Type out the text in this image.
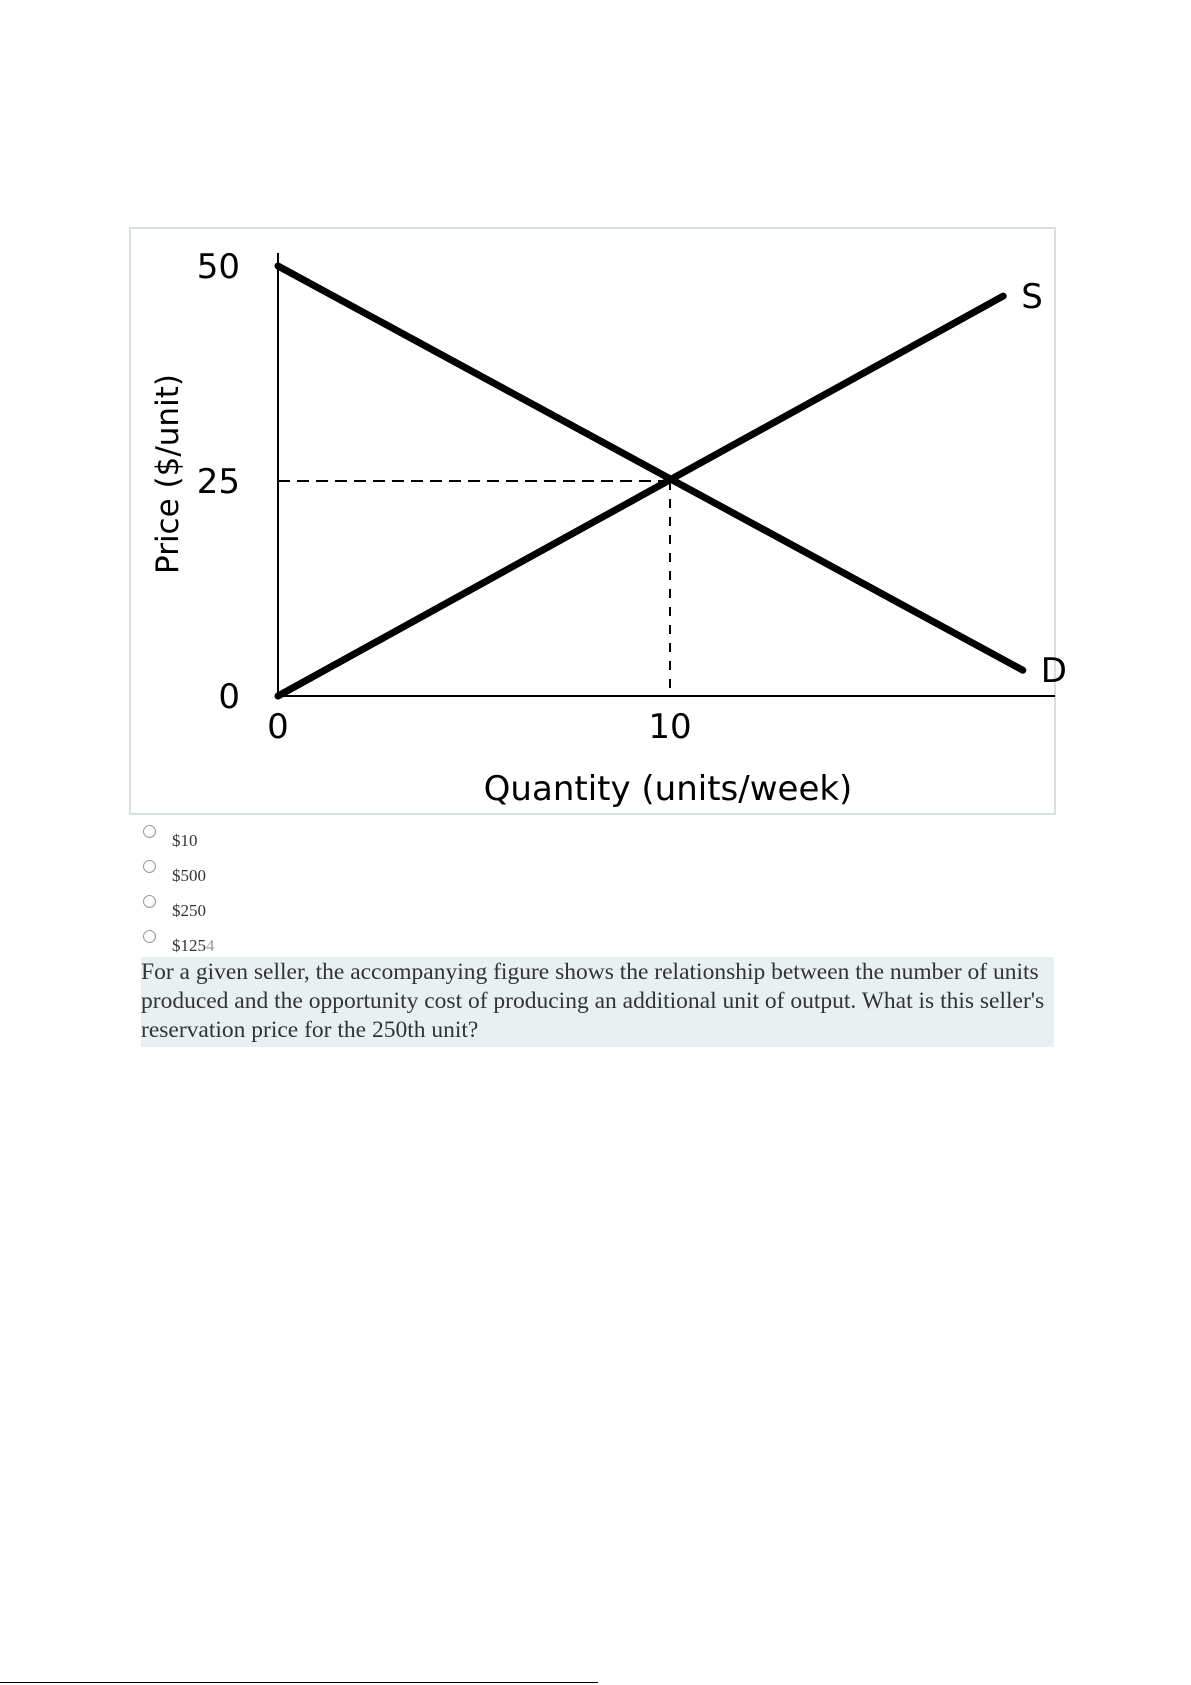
0
25
50
0	10
S
D
Quantity (units/week)
Price ($/unit)
$10
$500
$250
$1254
For a given seller, the accompanying figure shows the relationship between the number of units produced and the opportunity cost of producing an additional unit of output. What is this seller's reservation price for the 250th unit?
